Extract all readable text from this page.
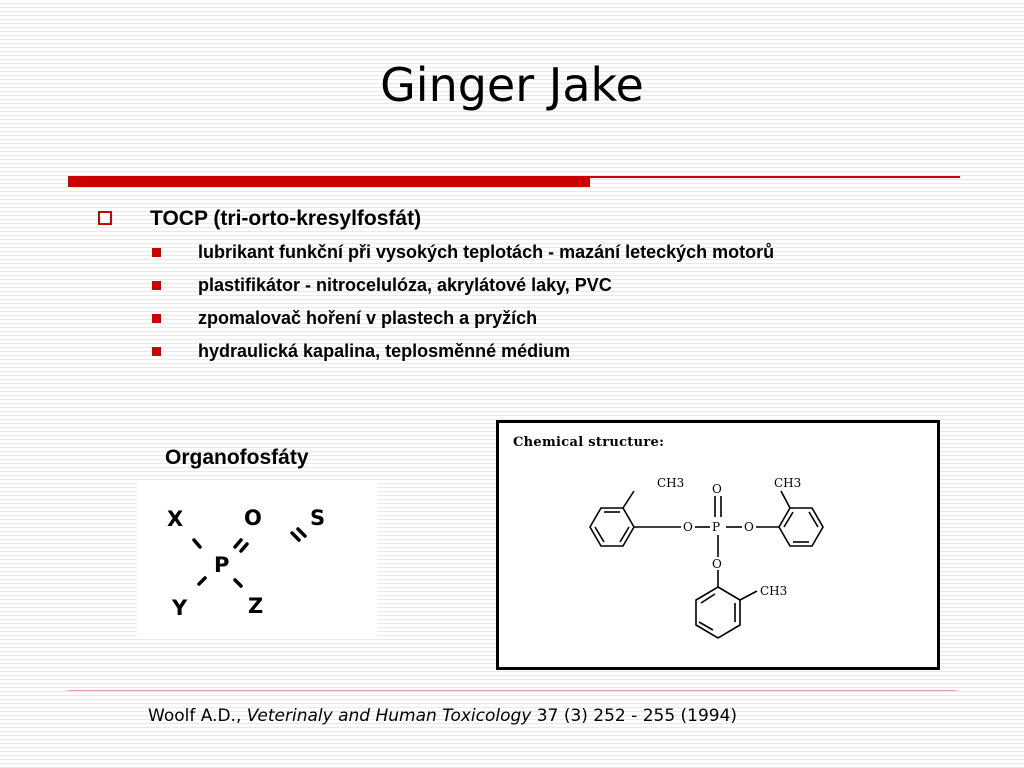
Ginger Jake
TOCP (tri-orto-kresylfosfát)
lubrikant funkční při vysokých teplotách - mazání leteckých motorů
plastifikátor - nitrocelulóza, akrylátové laky, PVC
zpomalovač hoření v plastech a pryžích
hydraulická kapalina, teplosměnné médium
Organofosfáty
X	O S
P
Y	Z
Chemical structure:
CH3	CH3
CH3
O
O
P O
O
Woolf A.D., Veterinaly and Human Toxicology 37 (3) 252 - 255 (1994)
